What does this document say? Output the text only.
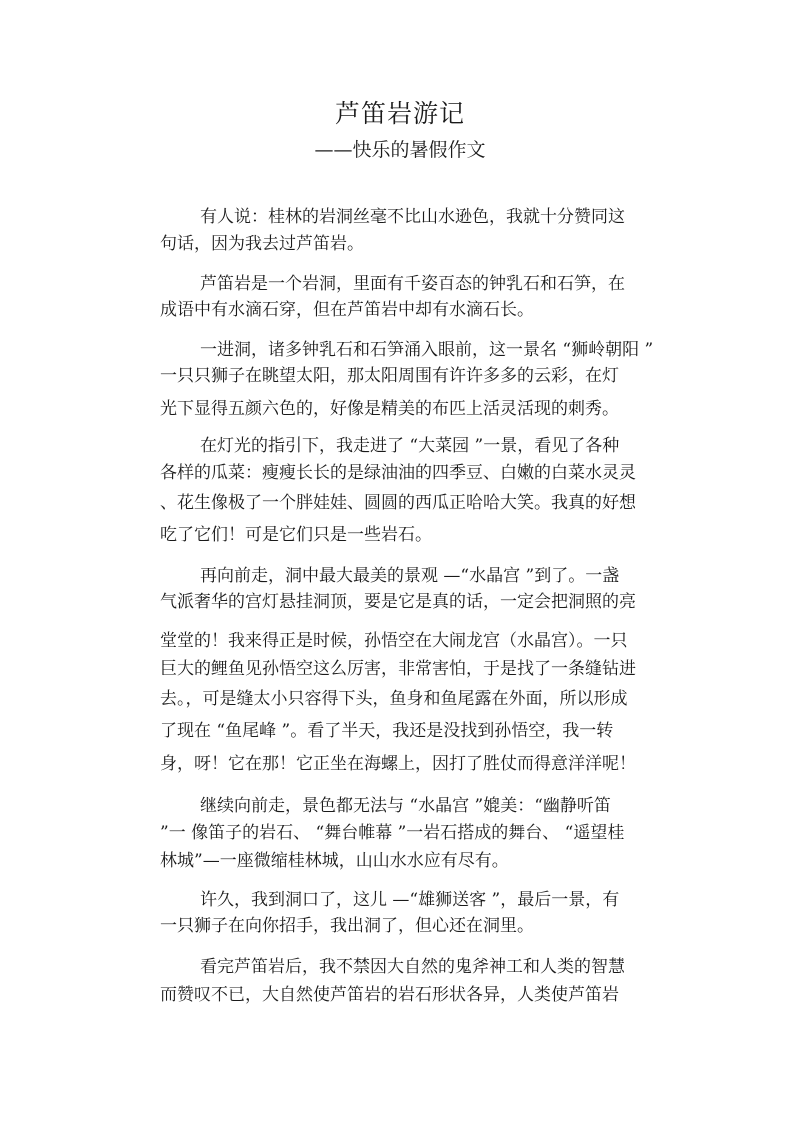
芦笛岩游记
——快乐的暑假作文
有人说：桂林的岩洞丝毫不比山水逊色，我就十分赞同这
句话，因为我去过芦笛岩。
芦笛岩是一个岩洞，里面有千姿百态的钟乳石和石笋，在
成语中有水滴石穿，但在芦笛岩中却有水滴石长。
一进洞，诸多钟乳石和石笋涌入眼前，这一景名 “狮岭朝阳 ”
一只只狮子在眺望太阳，那太阳周围有许许多多的云彩，在灯
光下显得五颜六色的，好像是精美的布匹上活灵活现的刺秀。
在灯光的指引下，我走进了 “大菜园 ”一景，看见了各种
各样的瓜菜：瘦瘦长长的是绿油油的四季豆、白嫩的白菜水灵灵
、花生像极了一个胖娃娃、圆圆的西瓜正哈哈大笑。我真的好想
吃了它们！可是它们只是一些岩石。
再向前走，洞中最大最美的景观 —“水晶宫 ”到了。一盏
气派奢华的宫灯悬挂洞顶，要是它是真的话，一定会把洞照的亮
堂堂的！我来得正是时候，孙悟空在大闹龙宫（水晶宫）。一只
巨大的鲤鱼见孙悟空这么厉害，非常害怕，于是找了一条缝钻进
去。，可是缝太小只容得下头，鱼身和鱼尾露在外面，所以形成
了现在 “鱼尾峰 ”。看了半天，我还是没找到孙悟空，我一转
身，呀！它在那！它正坐在海螺上，因打了胜仗而得意洋洋呢！
继续向前走，景色都无法与 “水晶宫 ”媲美：“幽静听笛
”一 像笛子的岩石、 “舞台帷幕 ”一岩石搭成的舞台、 “遥望桂
林城”—一座微缩桂林城，山山水水应有尽有。
许久，我到洞口了，这儿 —“雄狮送客 ”，最后一景，有
一只狮子在向你招手，我出洞了，但心还在洞里。
看完芦笛岩后，我不禁因大自然的鬼斧神工和人类的智慧
而赞叹不已，大自然使芦笛岩的岩石形状各异，人类使芦笛岩
